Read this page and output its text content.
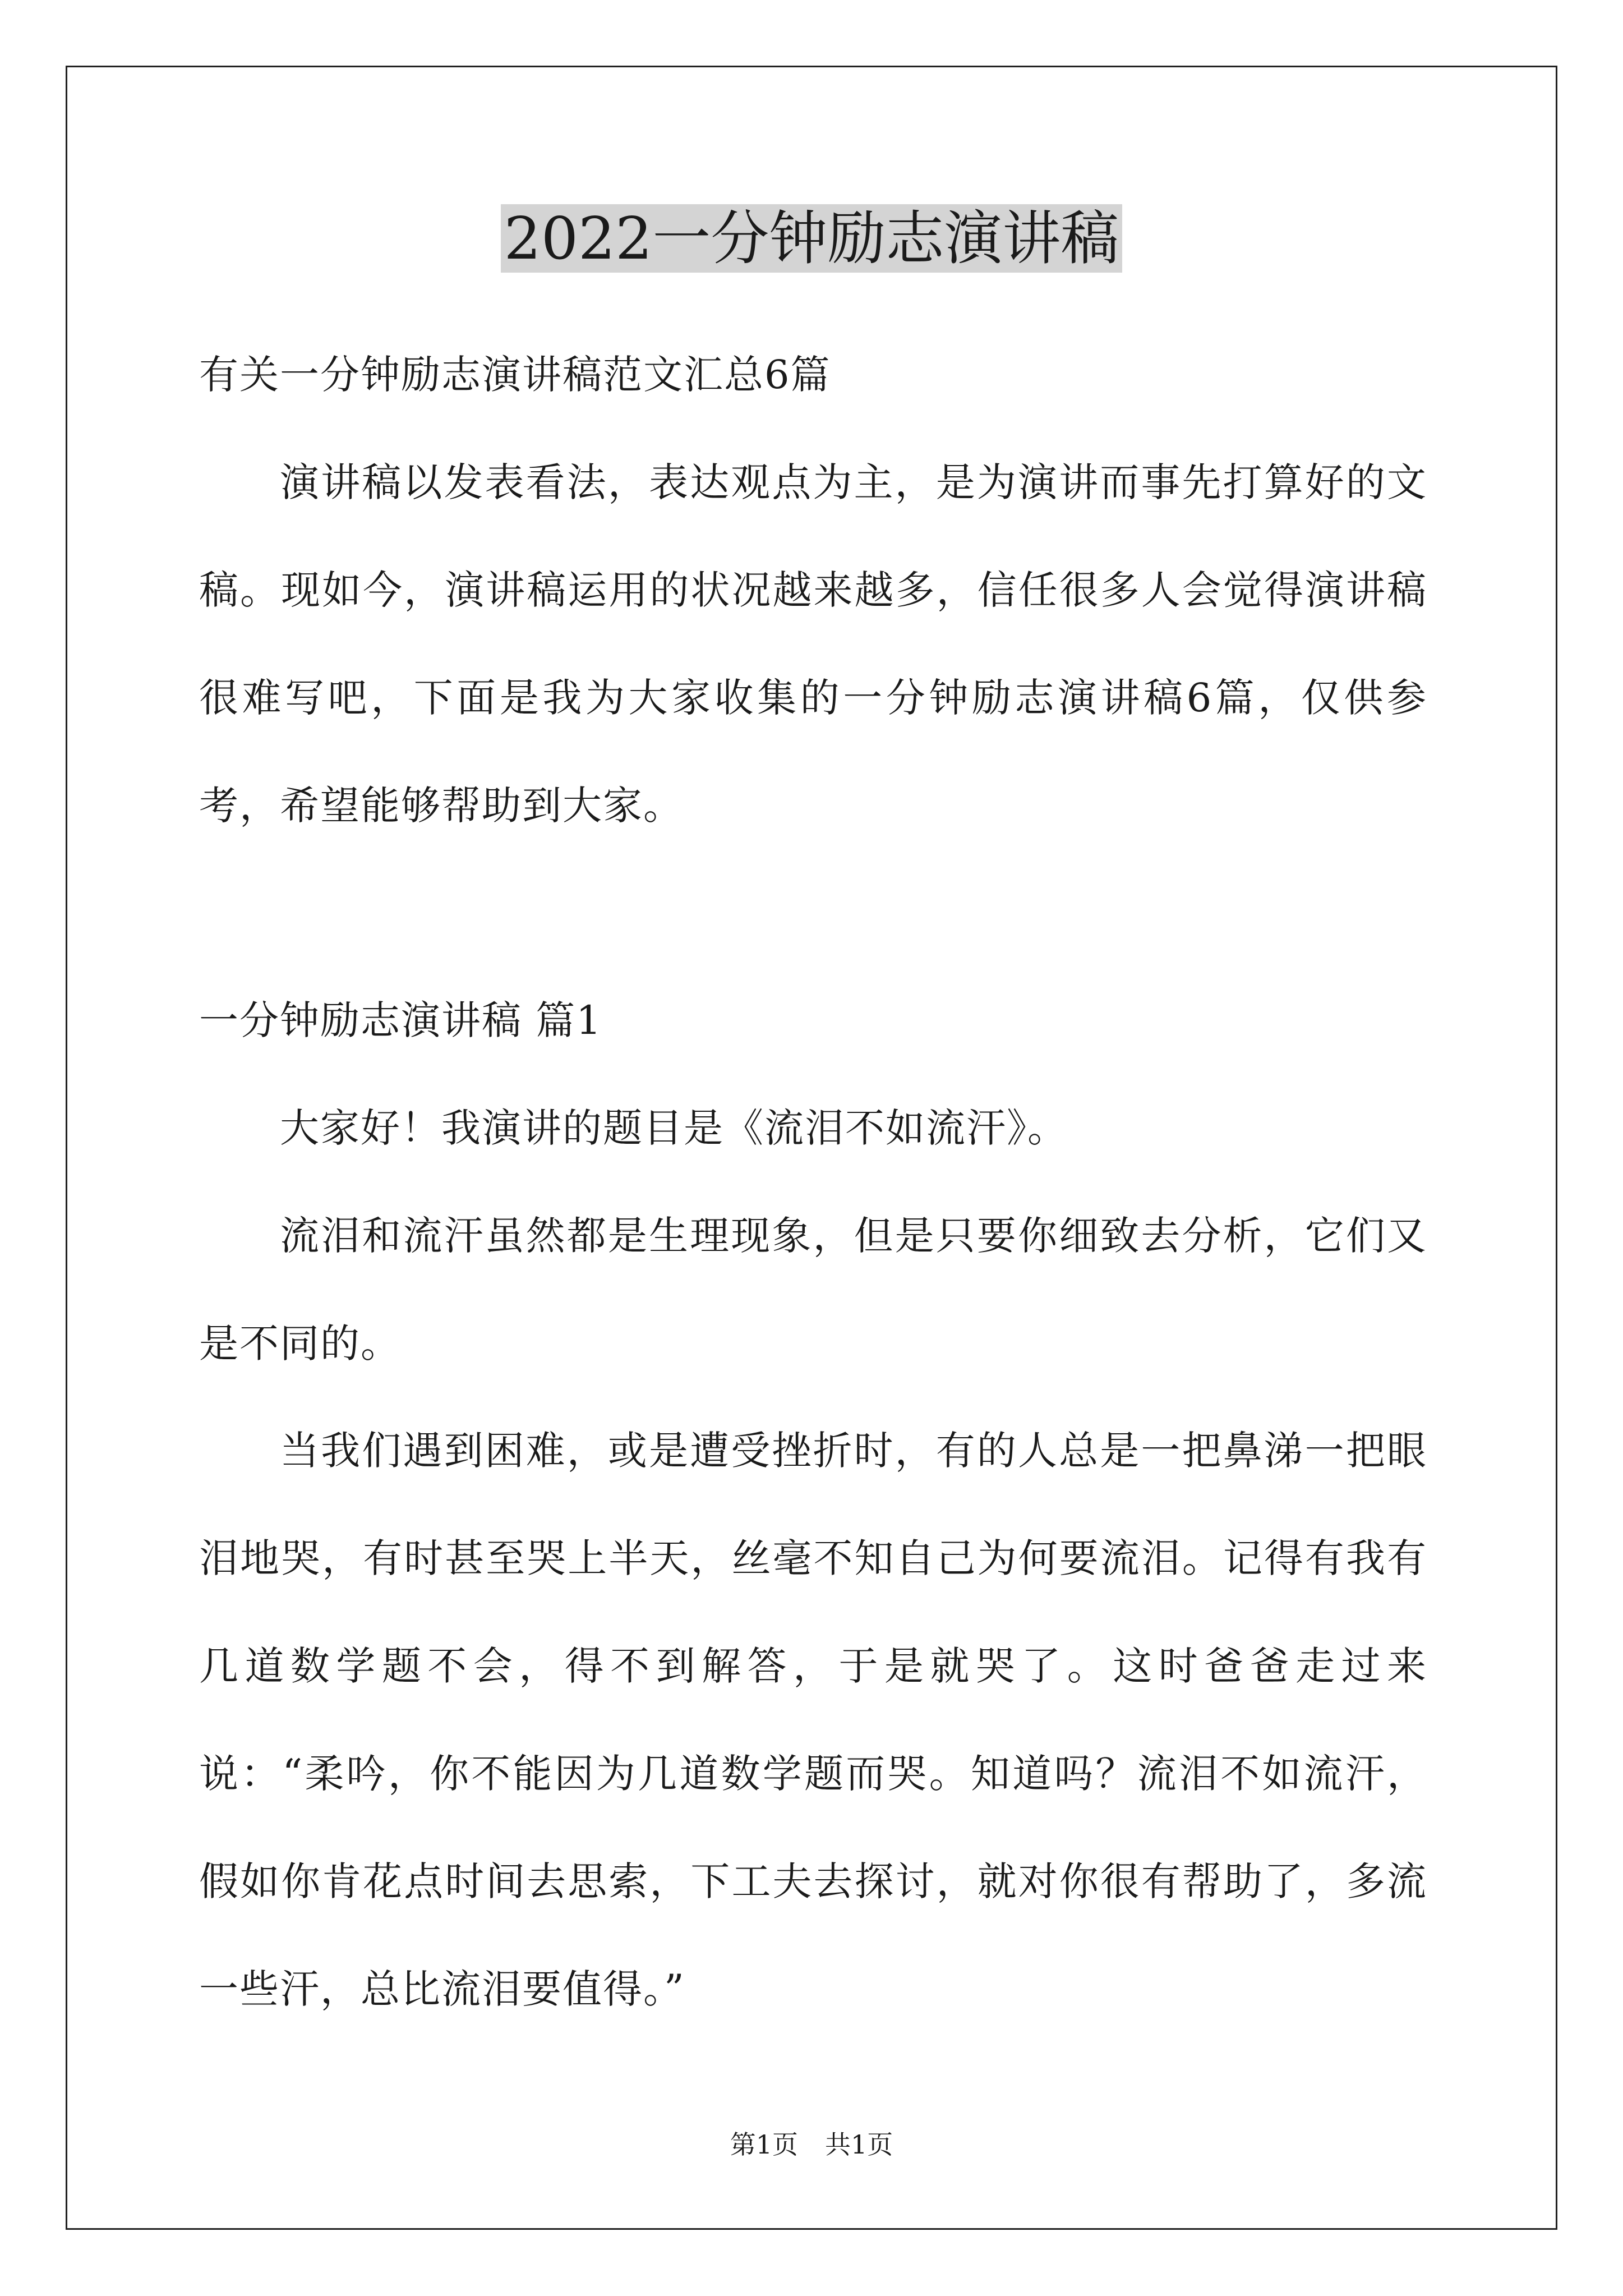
2022一分钟励志演讲稿

有关一分钟励志演讲稿范文汇总6篇

演讲稿以发表看法，表达观点为主，是为演讲而事先打算好的文稿。现如今，演讲稿运用的状况越来越多，信任很多人会觉得演讲稿很难写吧，下面是我为大家收集的一分钟励志演讲稿6篇，仅供参考，希望能够帮助到大家。

一分钟励志演讲稿 篇1

大家好！我演讲的题目是《流泪不如流汗》。

流泪和流汗虽然都是生理现象，但是只要你细致去分析，它们又是不同的。

当我们遇到困难，或是遭受挫折时，有的人总是一把鼻涕一把眼泪地哭，有时甚至哭上半天，丝毫不知自己为何要流泪。记得有我有几道数学题不会，得不到解答，于是就哭了。这时爸爸走过来说：“柔吟，你不能因为几道数学题而哭。知道吗？流泪不如流汗，假如你肯花点时间去思索，下工夫去探讨，就对你很有帮助了，多流一些汗，总比流泪要值得。”

第1页 共1页
